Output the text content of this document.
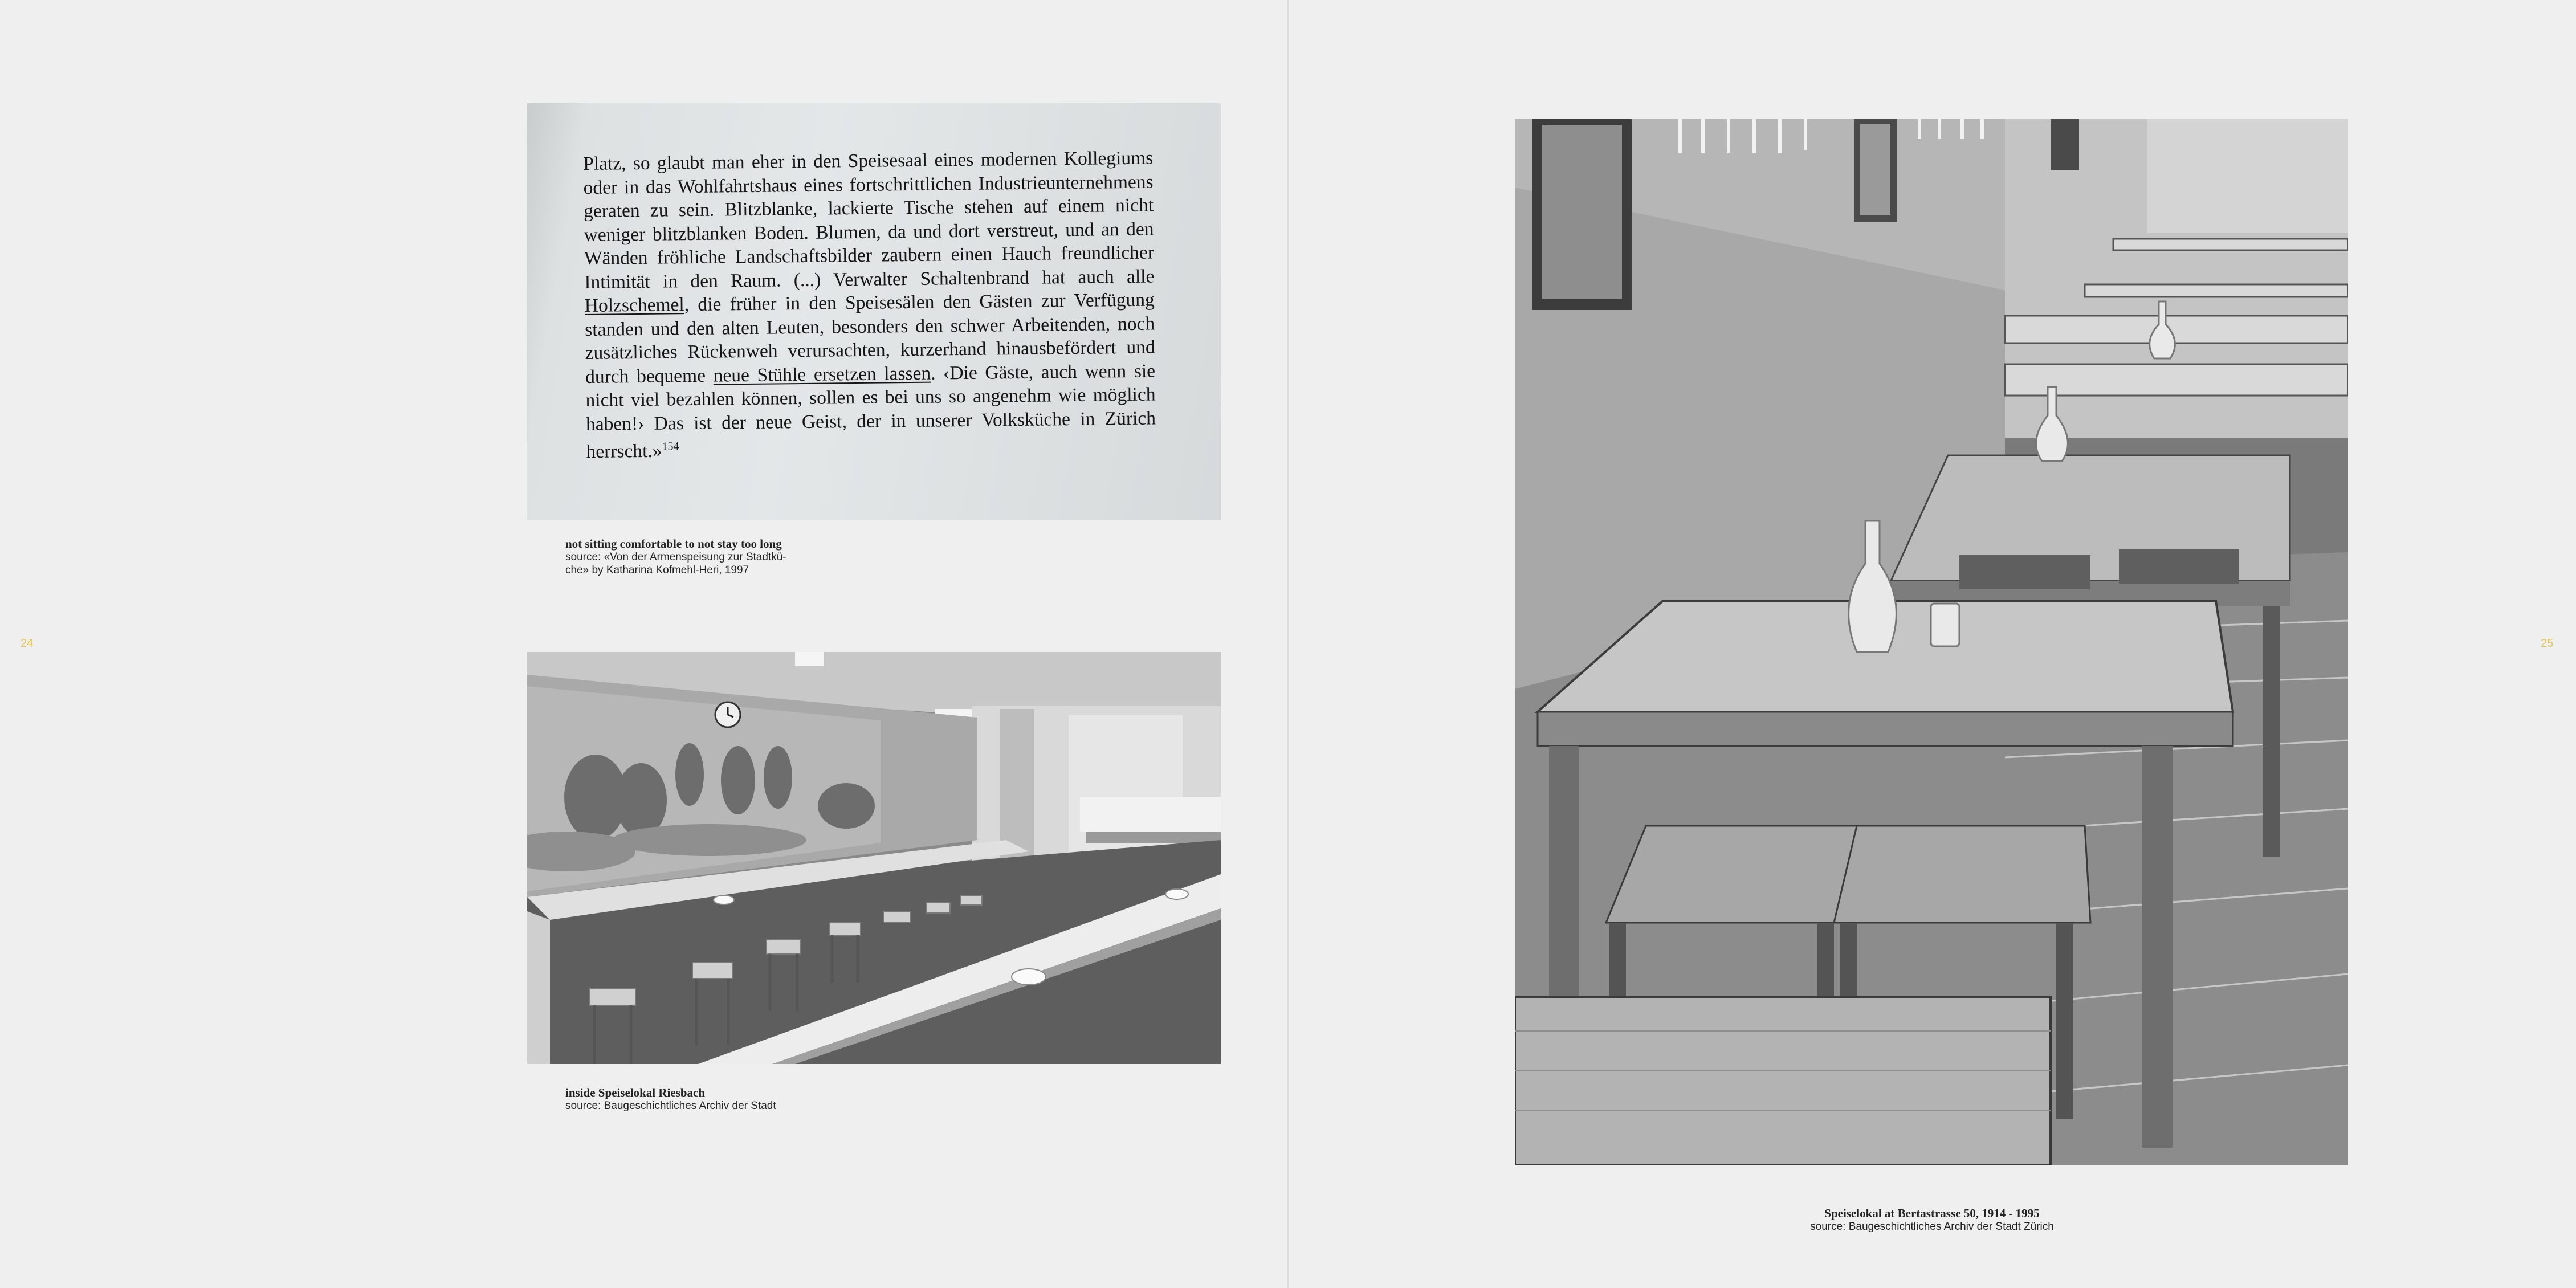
24	25
Platz, so glaubt man eher in den Speisesaal eines modernen Kollegiums oder in das Wohlfahrtshaus eines fortschrittlichen Industrieunternehmens geraten zu sein. Blitzblanke, lackierte Tische stehen auf einem nicht weniger blitzblanken Boden. Blumen, da und dort verstreut, und an den Wänden fröhliche Landschaftsbilder zaubern einen Hauch freundlicher Intimität in den Raum. (...) Verwalter Schaltenbrand hat auch alle Holzschemel, die früher in den Speisesälen den Gästen zur Verfügung standen und den alten Leuten, besonders den schwer Arbeitenden, noch zusätzliches Rückenweh verursachten, kurzerhand hinausbefördert und durch bequeme neue Stühle ersetzen lassen. ‹Die Gäste, auch wenn sie nicht viel bezahlen können, sollen es bei uns so angenehm wie möglich haben!› Das ist der neue Geist, der in unserer Volksküche in Zürich herrscht.»$^{154}$
not sitting comfortable to not stay too long
source: «Von der Armenspeisung zur Stadtkü-
che» by Katharina Kofmehl-Heri, 1997
inside Speiselokal Riesbach
source: Baugeschichtliches Archiv der Stadt
Speiselokal at Bertastrasse 50, 1914 - 1995
source: Baugeschichtliches Archiv der Stadt Zürich
